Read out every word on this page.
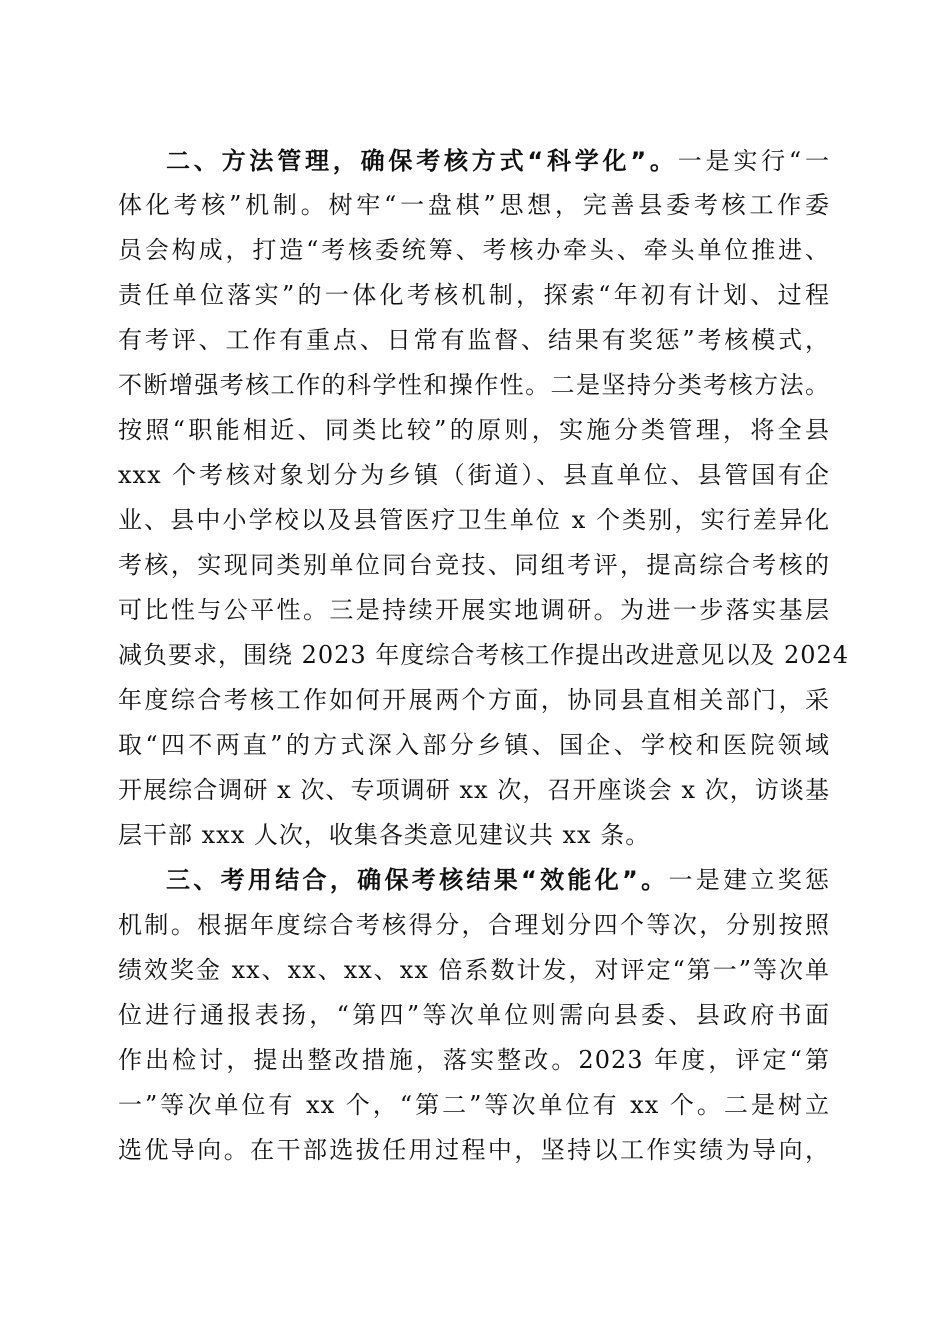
二、方法管理，确保考核方式“科学化”。一是实行“一
体化考核”机制。树牢“一盘棋”思想，完善县委考核工作委
员会构成，打造“考核委统筹、考核办牵头、牵头单位推进、
责任单位落实”的一体化考核机制，探索“年初有计划、过程
有考评、工作有重点、日常有监督、结果有奖惩”考核模式，
不断增强考核工作的科学性和操作性。二是坚持分类考核方法。
按照“职能相近、同类比较”的原则，实施分类管理，将全县
xxx 个考核对象划分为乡镇（街道）、县直单位、县管国有企
业、县中小学校以及县管医疗卫生单位 x 个类别，实行差异化
考核，实现同类别单位同台竞技、同组考评，提高综合考核的
可比性与公平性。三是持续开展实地调研。为进一步落实基层
减负要求，围绕 2023 年度综合考核工作提出改进意见以及 2024
年度综合考核工作如何开展两个方面，协同县直相关部门，采
取“四不两直”的方式深入部分乡镇、国企、学校和医院领域
开展综合调研 x 次、专项调研 xx 次，召开座谈会 x 次，访谈基
层干部 xxx 人次，收集各类意见建议共 xx 条。
三、考用结合，确保考核结果“效能化”。一是建立奖惩
机制。根据年度综合考核得分，合理划分四个等次，分别按照
绩效奖金 xx、xx、xx、xx 倍系数计发，对评定“第一”等次单
位进行通报表扬，“第四”等次单位则需向县委、县政府书面
作出检讨，提出整改措施，落实整改。2023 年度，评定“第
一”等次单位有 xx 个，“第二”等次单位有 xx 个。二是树立
选优导向。在干部选拔任用过程中，坚持以工作实绩为导向，
